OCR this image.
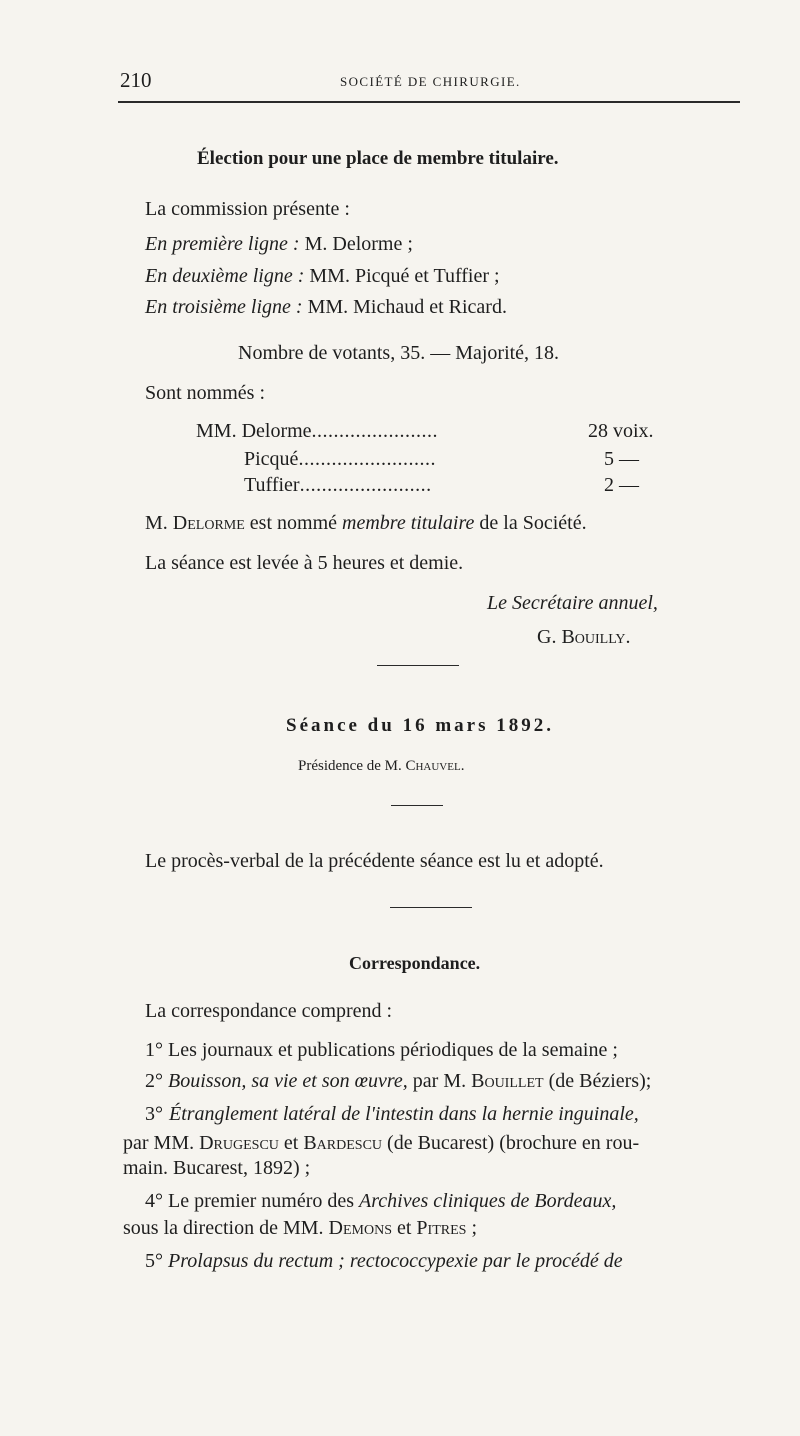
210	SOCIÉTÉ DE CHIRURGIE.
Élection pour une place de membre titulaire.
La commission présente :
En première ligne : M. Delorme ;
En deuxième ligne : MM. Picqué et Tuffier ;
En troisième ligne : MM. Michaud et Ricard.
Nombre de votants, 35. — Majorité, 18.
Sont nommés :
MM. Delorme.......................	28 voix.
Picqué.........................	5 —
Tuffier........................	2 —
M. Delorme est nommé membre titulaire de la Société.
La séance est levée à 5 heures et demie.
Le Secrétaire annuel,
G. Bouilly.
Séance du 16 mars 1892.
Présidence de M. Chauvel.
Le procès-verbal de la précédente séance est lu et adopté.
Correspondance.
La correspondance comprend :
1° Les journaux et publications périodiques de la semaine ;
2° Bouisson, sa vie et son œuvre, par M. Bouillet (de Béziers);
3° Étranglement latéral de l'intestin dans la hernie inguinale,
par MM. Drugescu et Bardescu (de Bucarest) (brochure en rou-
main. Bucarest, 1892) ;
4° Le premier numéro des Archives cliniques de Bordeaux,
sous la direction de MM. Demons et Pitres ;
5° Prolapsus du rectum ; rectococcypexie par le procédé de
